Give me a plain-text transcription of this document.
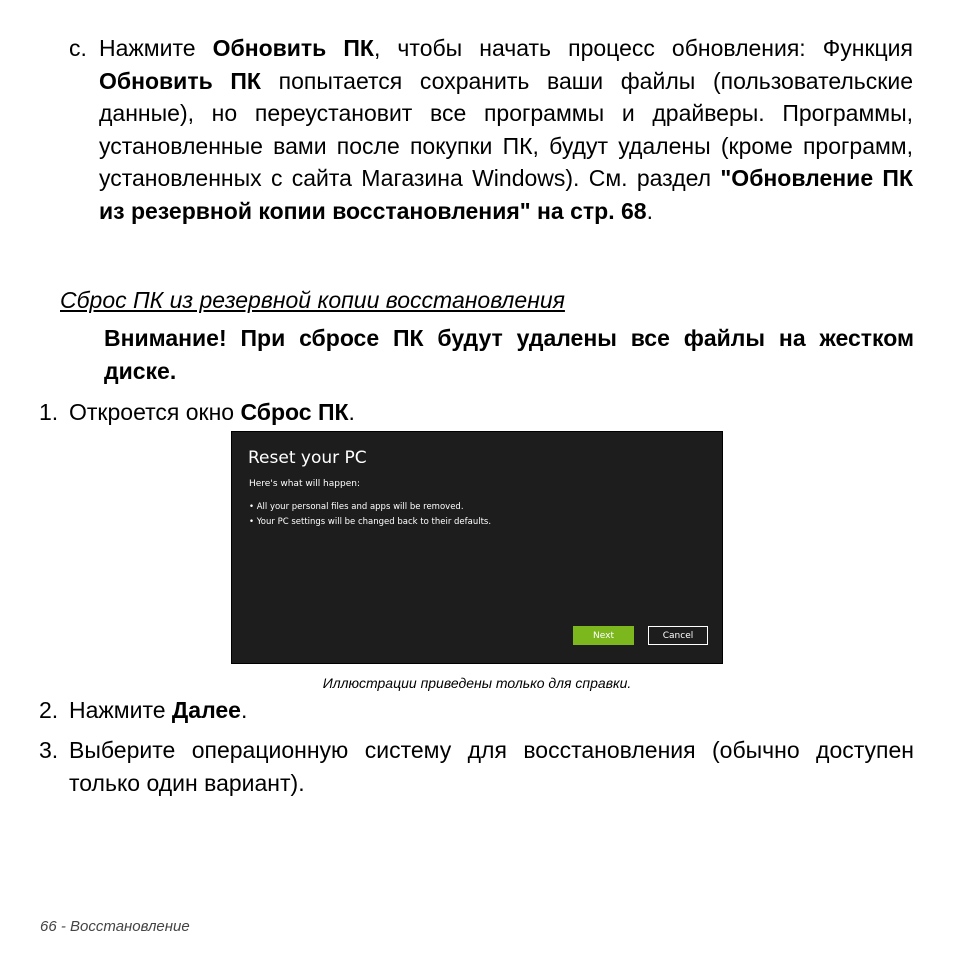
c. Нажмите Обновить ПК, чтобы начать процесс обновления: Функция Обновить ПК попытается сохранить ваши файлы (пользовательские данные), но переустановит все программы и драйверы. Программы, установленные вами после покупки ПК, будут удалены (кроме программ, установленных с сайта Магазина Windows). См. раздел "Обновление ПК из резервной копии восстановления" на стр. 68.
Сброс ПК из резервной копии восстановления
Внимание! При сбросе ПК будут удалены все файлы на жестком диске.
1. Откроется окно Сброс ПК.
Reset your PC
Here's what will happen:
• All your personal files and apps will be removed.
• Your PC settings will be changed back to their defaults.
Next	Cancel
Иллюстрации приведены только для справки.
2. Нажмите Далее.
3. Выберите операционную систему для восстановления (обычно доступен только один вариант).
66 - Восстановление
